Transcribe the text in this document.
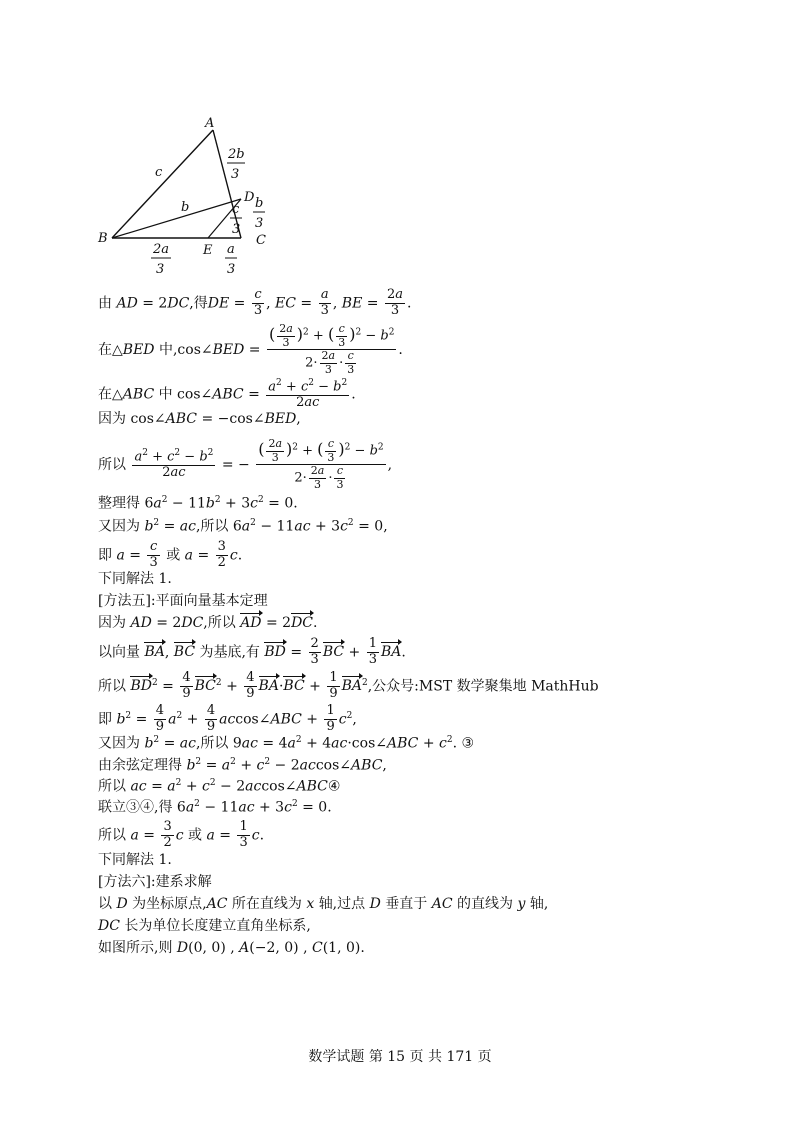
A
B	C
D
E
c
b
2b
3
b
3
c
3
2a
3
a
3
由 AD = 2DC,得DE = $\frac{c}{3}$ , EC = $\frac{a}{3}$ , BE = $\frac{2a}{3}$ .
在△BED 中,cos∠BED = $\frac{( \frac{2a}{3} )^2 + ( \frac{c}{3} )^2 - b^2}{2\cdot \frac{2a}{3} \cdot \frac{c}{3}}$ .
在△ABC 中 cos∠ABC = $\frac{a^2 + c^2 - b^2}{2ac}$ .
因为 cos∠ABC = −cos∠BED,
所以 $\frac{a^2 + c^2 - b^2}{2ac}$ = − $\frac{( \frac{2a}{3} )^2 + ( \frac{c}{3} )^2 - b^2}{2\cdot \frac{2a}{3} \cdot \frac{c}{3}}$ ,
整理得 $6a^2 - 11b^2 + 3c^2 = 0$.
又因为 $b^2$ = ac,所以 $6a^2 - 11ac + 3c^2 = 0$,
即 $a = \frac{c}{3}$ 或 $a = \frac{3}{2} c$.
下同解法 1.
[方法五]:平面向量基本定理
因为 AD = 2DC,所以 AD = 2DC.
以向量 BA, BC 为基底,有 BD = $\frac{2}{3}$ BC + $\frac{1}{3}$ BA.
所以 $BD^2 = \frac{4}{9} BC^2 + \frac{4}{9} BA\cdot BC + \frac{1}{9} BA^2$,公众号:MST 数学聚集地 MathHub
即 $b^2 = \frac{4}{9} a^2 + \frac{4}{9}$ accos∠ABC + $\frac{1}{9} c^2$,
又因为 $b^2$ = ac,所以 $9ac = 4a^2$ + 4ac·cos∠ABC + $c^2$. ③
由余弦定理得 $b^2 = a^2 + c^2$ − 2accos∠ABC,
所以 ac = $a^2 + c^2$ − 2accos∠ABC④
联立③④,得 $6a^2 - 11ac + 3c^2 = 0$.
所以 $a = \frac{3}{2}$ c 或 $a = \frac{1}{3} c$.
下同解法 1.
[方法六]:建系求解
以 D 为坐标原点,AC 所在直线为 x 轴,过点 D 垂直于 AC 的直线为 y 轴,
DC 长为单位长度建立直角坐标系,
如图所示,则 D(0, 0) , A(−2, 0) , C(1, 0).
数学试题 第 15 页 共 171 页
